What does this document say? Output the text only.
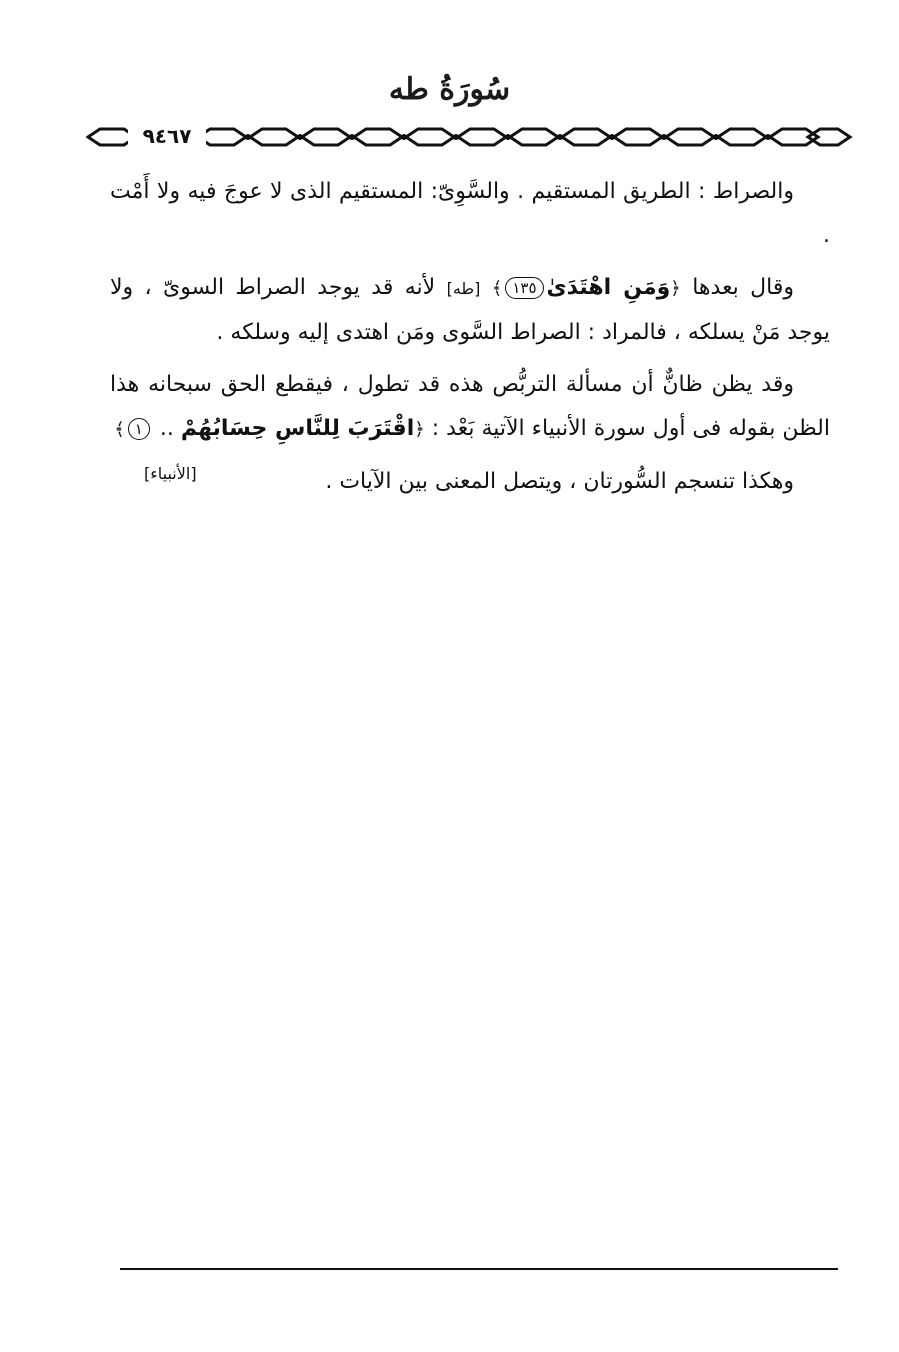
سُورَةُ طه
٩٤٦٧

والصراط : الطريق المستقيم . والسَّوِىّ: المستقيم الذى لا عوجَ فيه ولا أَمْت .

وقال بعدها ﴿وَمَنِ اهْتَدَىٰ١٣٥﴾ [طه] لأنه قد يوجد الصراط السوىّ ، ولا يوجد مَنْ يسلكه ، فالمراد : الصراط السَّوى ومَن اهتدى إليه وسلكه .

وقد يظن ظانٌّ أن مسألة التربُّص هذه قد تطول ، فيقطع الحق سبحانه هذا الظن بقوله فى أول سورة الأنبياء الآتية بَعْد : ﴿اقْتَرَبَ لِلنَّاسِ حِسَابُهُمْ .. ١﴾
[الأنبياء]	وهكذا تنسجم السُّورتان ، ويتصل المعنى بين الآيات .
